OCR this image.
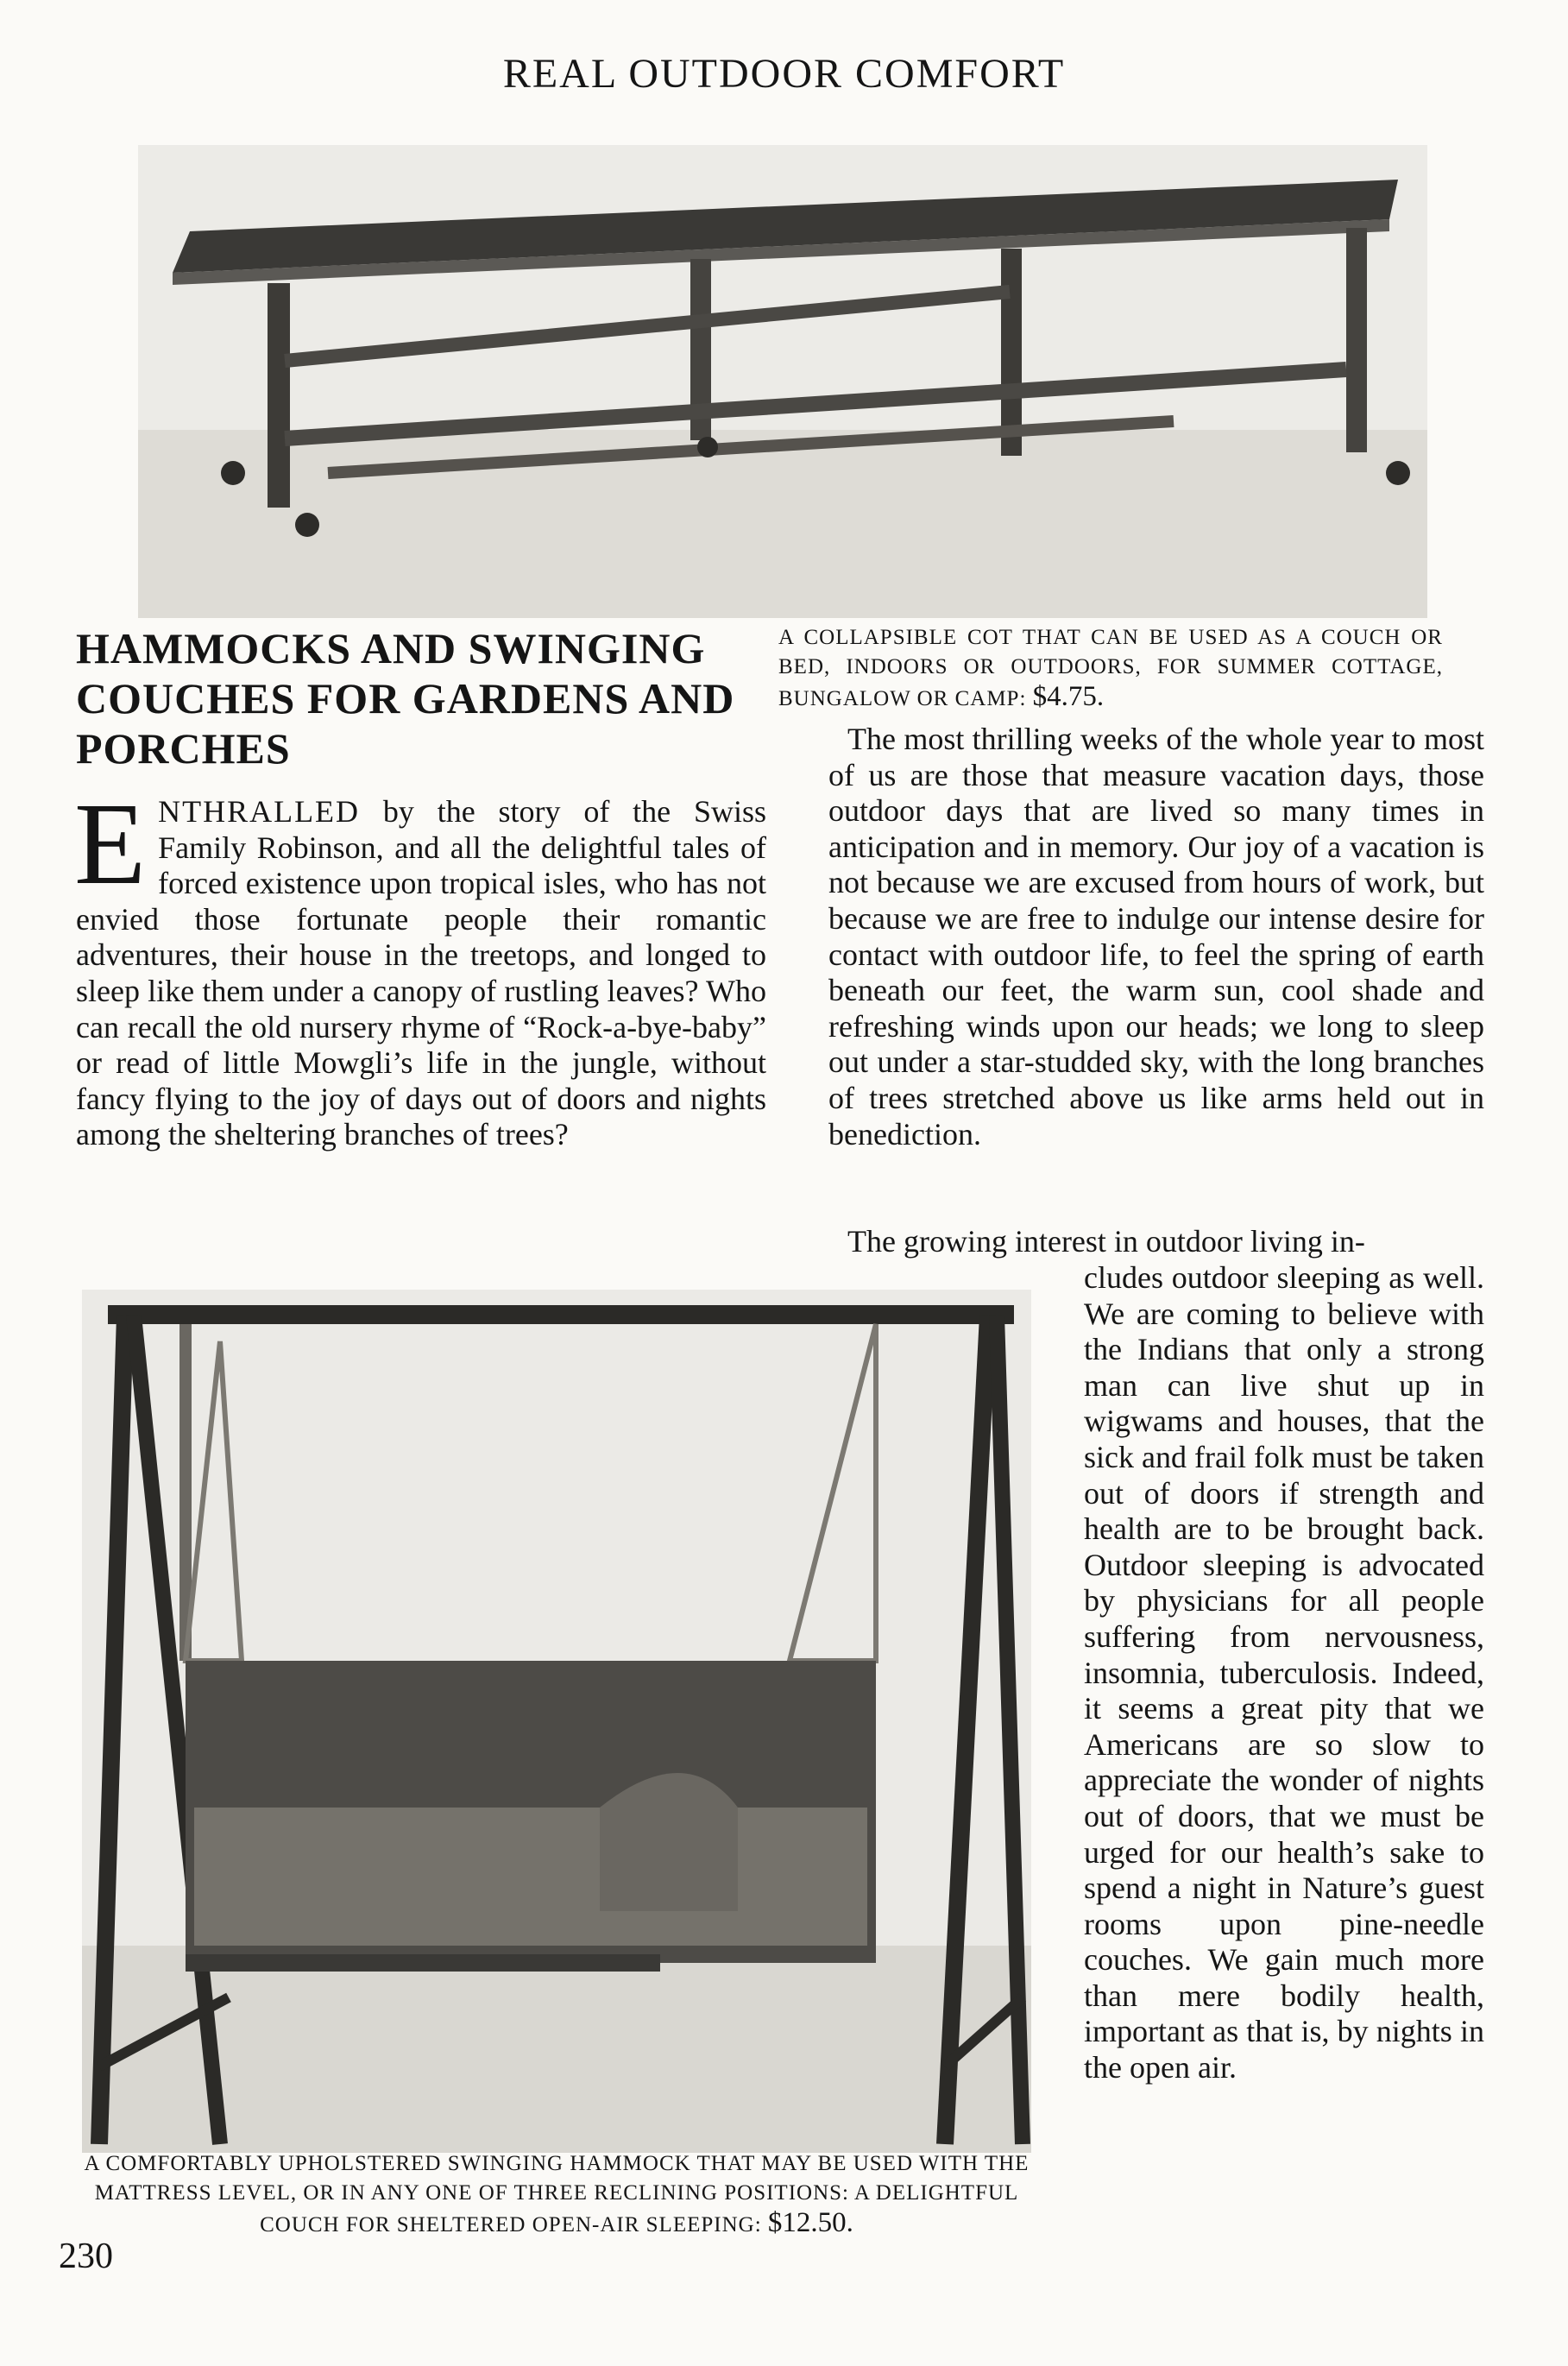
REAL OUTDOOR COMFORT
A COLLAPSIBLE COT THAT CAN BE USED AS A COUCH OR BED, INDOORS OR OUTDOORS, FOR SUMMER COTTAGE, BUNGALOW OR CAMP: $4.75.
HAMMOCKS AND SWINGING COUCHES FOR GARDENS AND PORCHES

ENTHRALLED by the story of the Swiss Family Robinson, and all the delightful tales of forced existence upon tropical isles, who has not envied those fortunate people their romantic adventures, their house in the treetops, and longed to sleep like them under a canopy of rustling leaves? Who can recall the old nursery rhyme of “Rock-a-bye-baby” or read of little Mowgli’s life in the jungle, without fancy flying to the joy of days out of doors and nights among the sheltering branches of trees?

The most thrilling weeks of the whole year to most of us are those that measure vacation days, those outdoor days that are lived so many times in anticipation and in memory. Our joy of a vacation is not because we are excused from hours of work, but because we are free to indulge our intense desire for contact with outdoor life, to feel the spring of earth beneath our feet, the warm sun, cool shade and refreshing winds upon our heads; we long to sleep out under a star-studded sky, with the long branches of trees stretched above us like arms held out in benediction.

The growing interest in outdoor living in-

cludes outdoor sleeping as well. We are coming to believe with the Indians that only a strong man can live shut up in wigwams and houses, that the sick and frail folk must be taken out of doors if strength and health are to be brought back. Outdoor sleeping is advocated by physicians for all people suffering from nervousness, insomnia, tuberculosis. Indeed, it seems a great pity that we Americans are so slow to appreciate the wonder of nights out of doors, that we must be urged for our health’s sake to spend a night in Nature’s guest rooms upon pine-needle couches. We gain much more than mere bodily health, important as that is, by nights in the open air.

A COMFORTABLY UPHOLSTERED SWINGING HAMMOCK THAT MAY BE USED WITH THE MATTRESS LEVEL, OR IN ANY ONE OF THREE RECLINING POSITIONS: A DELIGHTFUL COUCH FOR SHELTERED OPEN-AIR SLEEPING: $12.50.
230
